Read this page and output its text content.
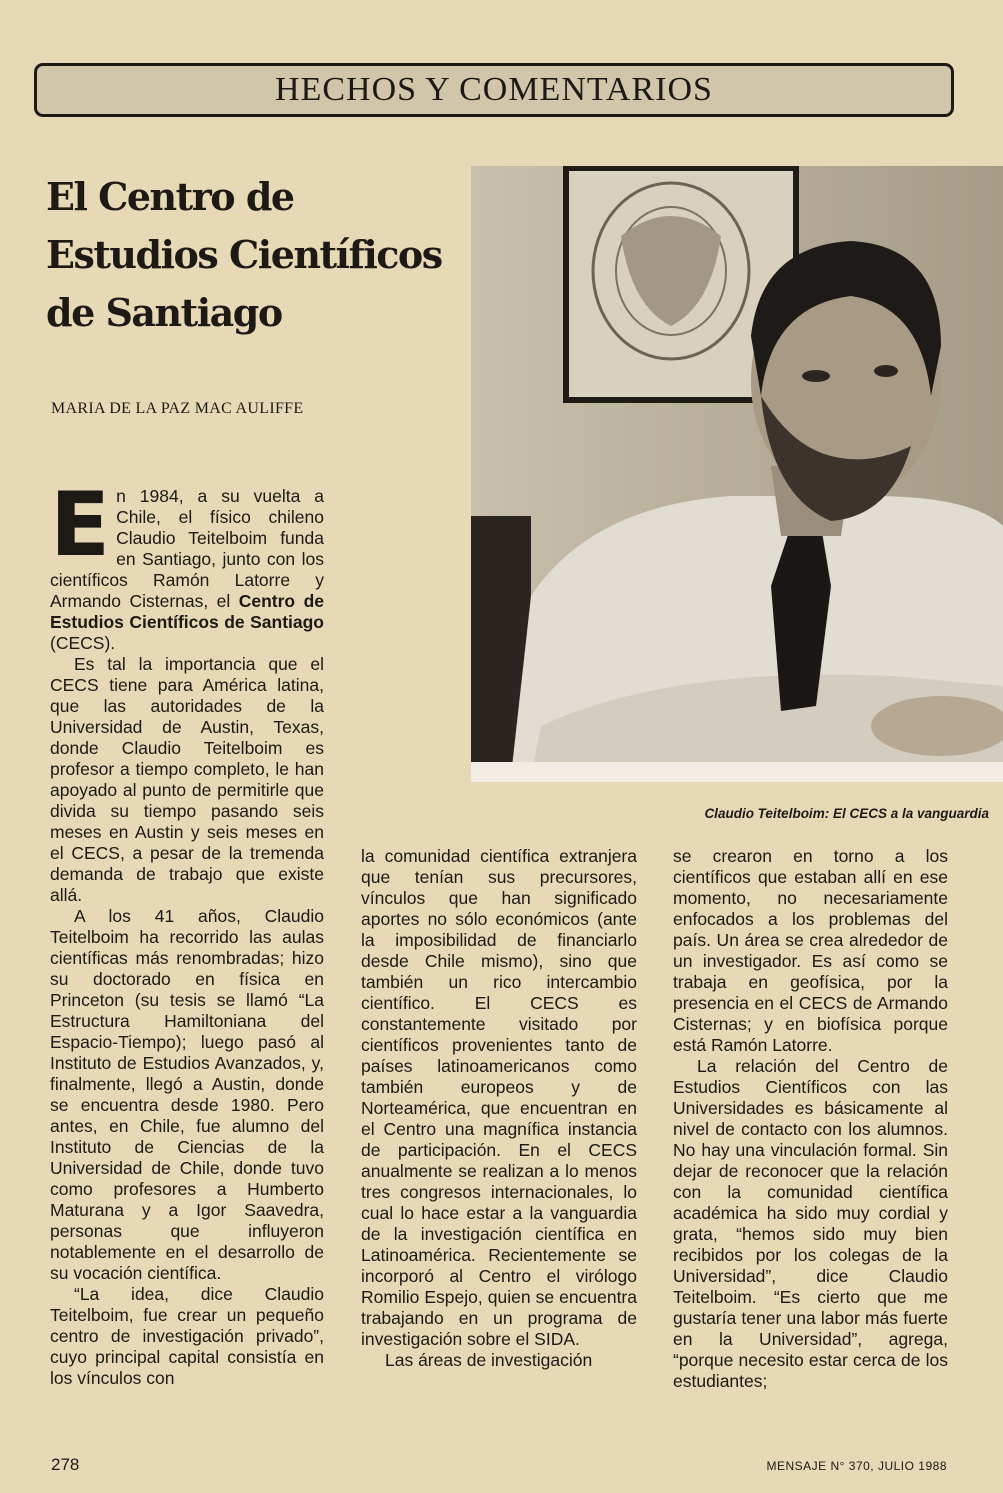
HECHOS Y COMENTARIOS
El Centro de
Estudios Científicos
de Santiago
MARIA DE LA PAZ MAC AULIFFE
Claudio Teitelboim: El CECS a la vanguardia

En 1984, a su vuelta a Chile, el físico chileno Claudio Teitelboim funda en Santiago, junto con los científicos Ramón Latorre y Armando Cisternas, el Centro de Estudios Científicos de Santiago (CECS).

Es tal la importancia que el CECS tiene para América latina, que las autoridades de la Universidad de Austin, Texas, donde Claudio Teitelboim es profesor a tiempo completo, le han apoyado al punto de permitirle que divida su tiempo pasando seis meses en Austin y seis meses en el CECS, a pesar de la tremenda demanda de trabajo que existe allá.

A los 41 años, Claudio Teitelboim ha recorrido las aulas científicas más renombradas; hizo su doctorado en física en Princeton (su tesis se llamó “La Estructura Hamiltoniana del Espacio-Tiempo); luego pasó al Instituto de Estudios Avanzados, y, finalmente, llegó a Austin, donde se encuentra desde 1980. Pero antes, en Chile, fue alumno del Instituto de Ciencias de la Universidad de Chile, donde tuvo como profesores a Humberto Maturana y a Igor Saavedra, personas que influyeron notablemente en el desarrollo de su vocación científica.

“La idea, dice Claudio Teitelboim, fue crear un pequeño centro de investigación privado”, cuyo principal capital consistía en los vínculos con

la comunidad científica extranjera que tenían sus precursores, vínculos que han significado aportes no sólo económicos (ante la imposibilidad de financiarlo desde Chile mismo), sino que también un rico intercambio científico. El CECS es constantemente visitado por científicos provenientes tanto de países latinoamericanos como también europeos y de Norteamérica, que encuentran en el Centro una magnífica instancia de participación. En el CECS anualmente se realizan a lo menos tres congresos internacionales, lo cual lo hace estar a la vanguardia de la investigación científica en Latinoamérica. Recientemente se incorporó al Centro el virólogo Romilio Espejo, quien se encuentra trabajando en un programa de investigación sobre el SIDA.

Las áreas de investigación

se crearon en torno a los científicos que estaban allí en ese momento, no necesariamente enfocados a los problemas del país. Un área se crea alrededor de un investigador. Es así como se trabaja en geofísica, por la presencia en el CECS de Armando Cisternas; y en biofísica porque está Ramón Latorre.

La relación del Centro de Estudios Científicos con las Universidades es básicamente al nivel de contacto con los alumnos. No hay una vinculación formal. Sin dejar de reconocer que la relación con la comunidad científica académica ha sido muy cordial y grata, “hemos sido muy bien recibidos por los colegas de la Universidad”, dice Claudio Teitelboim. “Es cierto que me gustaría tener una labor más fuerte en la Universidad”, agrega, “porque necesito estar cerca de los estudiantes;

278	MENSAJE N° 370, JULIO 1988
